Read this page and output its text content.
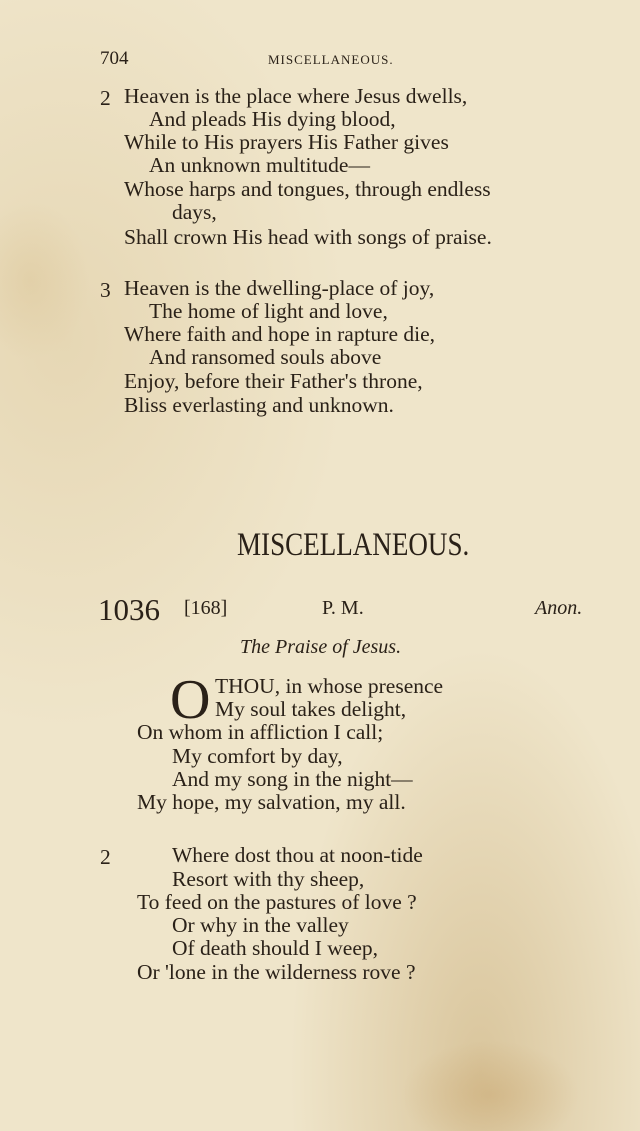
704	MISCELLANEOUS.
2 Heaven is the place where Jesus dwells,
And pleads His dying blood,
While to His prayers His Father gives
An unknown multitude—
Whose harps and tongues, through endless
days,
Shall crown His head with songs of praise.
3 Heaven is the dwelling-place of joy,
The home of light and love,
Where faith and hope in rapture die,
And ransomed souls above
Enjoy, before their Father's throne,
Bliss everlasting and unknown.
MISCELLANEOUS.
1036 [168]	P. M.	Anon.
The Praise of Jesus.
O THOU, in whose presence
My soul takes delight,
On whom in affliction I call;
My comfort by day,
And my song in the night—
My hope, my salvation, my all.
2	Where dost thou at noon-tide
Resort with thy sheep,
To feed on the pastures of love ?
Or why in the valley
Of death should I weep,
Or 'lone in the wilderness rove ?
